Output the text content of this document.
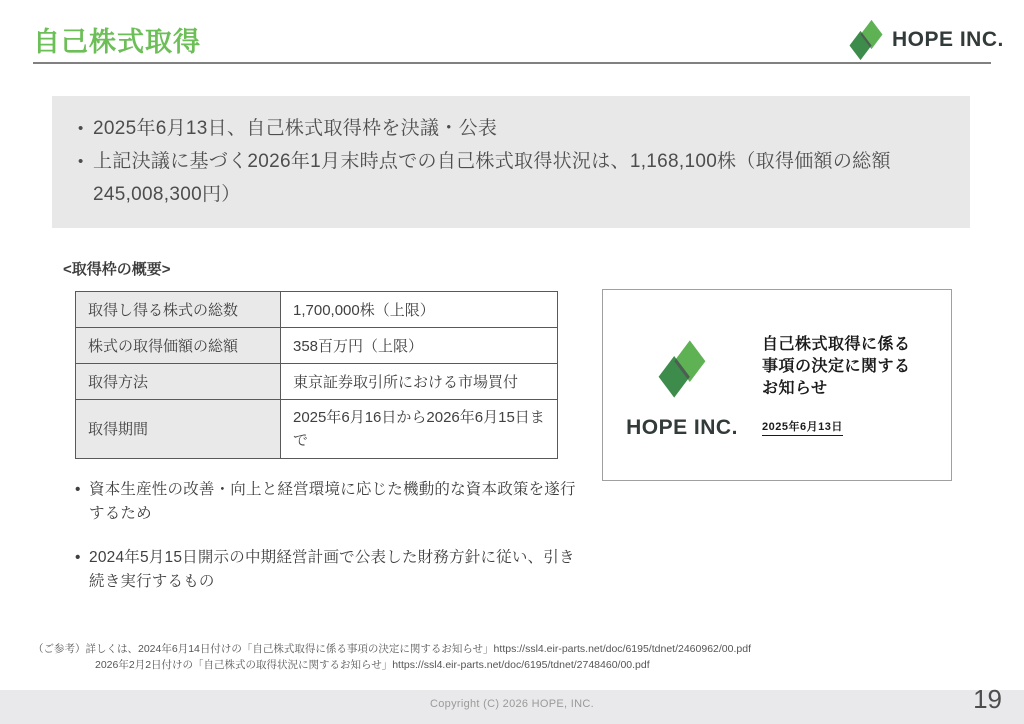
自己株式取得	HOPE INC.
• 2025年6月13日、自己株式取得枠を決議・公表
• 上記決議に基づく2026年1月末時点での自己株式取得状況は、1,168,100株（取得価額の総額245,008,300円）
<取得枠の概要>
取得し得る株式の総数	1,700,000株（上限）
株式の取得価額の総額	358百万円（上限）
取得方法	東京証券取引所における市場買付
取得期間	2025年6月16日から2026年6月15日まで
• 資本生産性の改善・向上と経営環境に応じた機動的な資本政策を遂行するため
• 2024年5月15日開示の中期経営計画で公表した財務方針に従い、引き続き実行するもの
HOPE INC.
自己株式取得に係る
事項の決定に関する
お知らせ
2025年6月13日
（ご参考）詳しくは、2024年6月14日付けの「自己株式取得に係る事項の決定に関するお知らせ」https://ssl4.eir-parts.net/doc/6195/tdnet/2460962/00.pdf
2026年2月2日付けの「自己株式の取得状況に関するお知らせ」https://ssl4.eir-parts.net/doc/6195/tdnet/2748460/00.pdf
Copyright (C) 2026 HOPE, INC.	19
